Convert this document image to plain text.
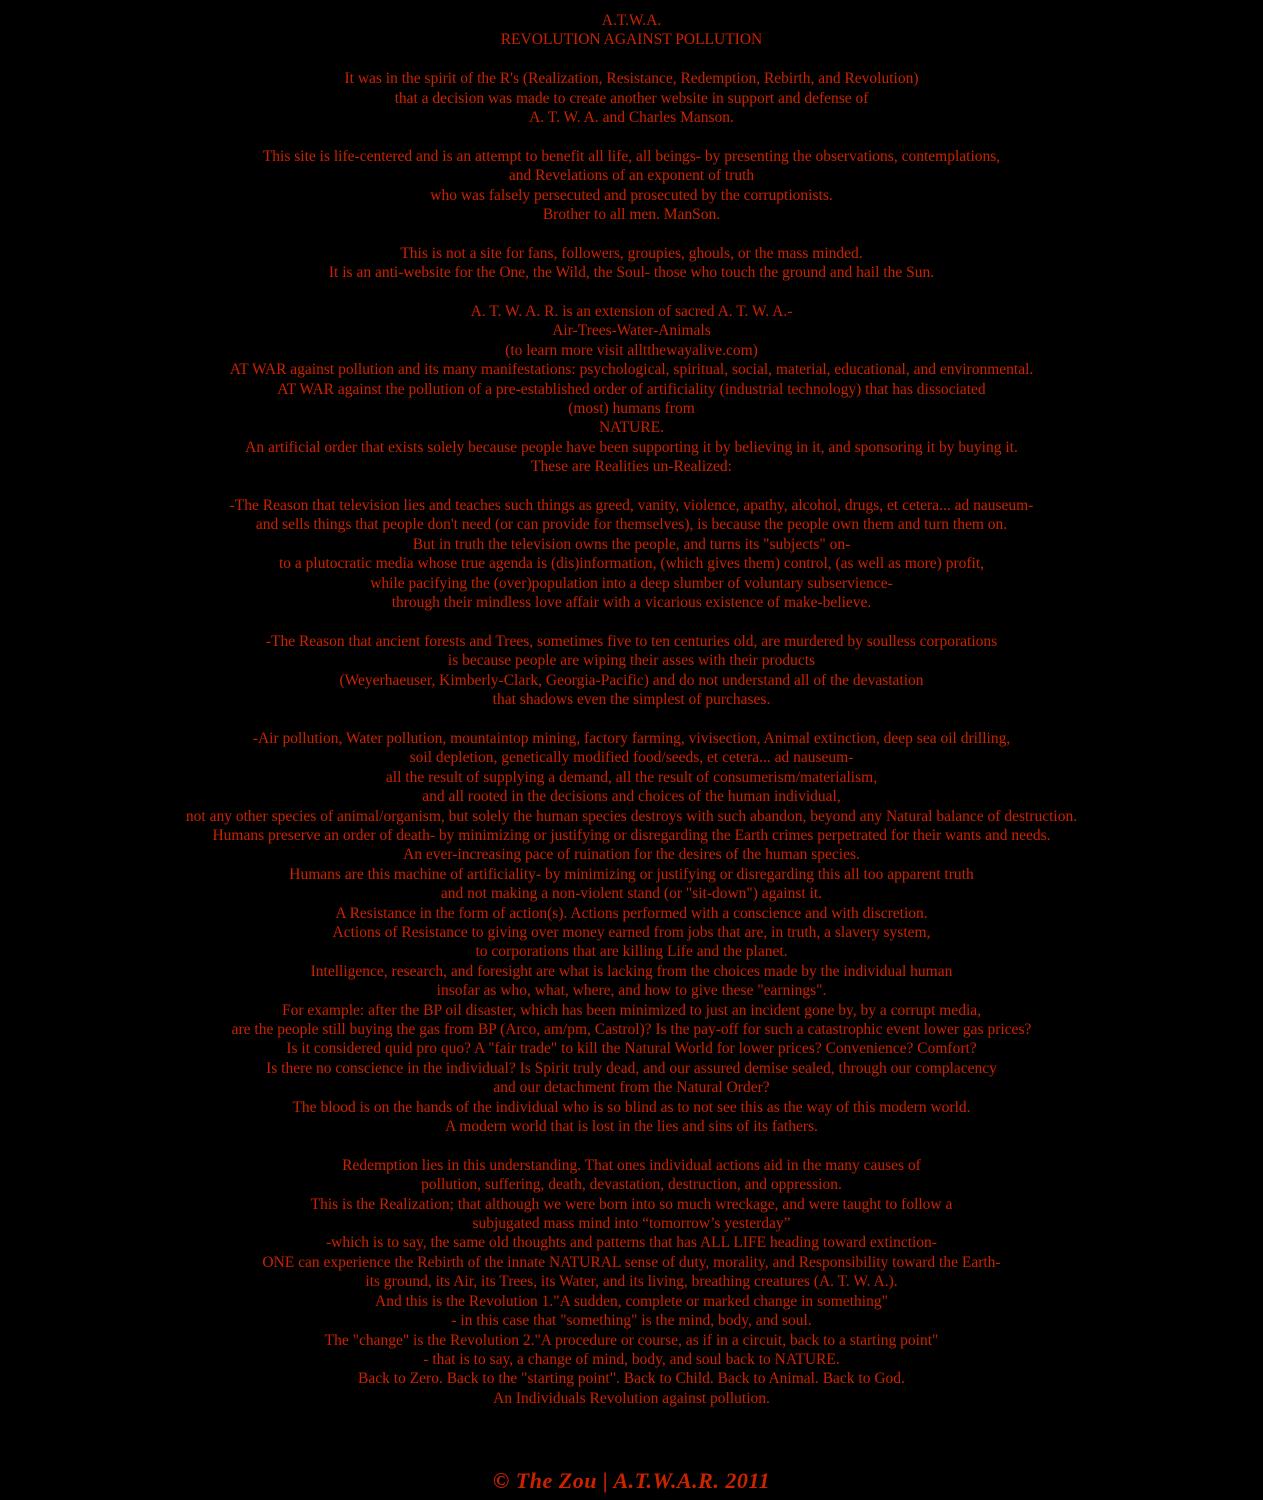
A.T.W.A.
REVOLUTION AGAINST POLLUTION
It was in the spirit of the R's (Realization, Resistance, Redemption, Rebirth, and Revolution)
that a decision was made to create another website in support and defense of
A. T. W. A. and Charles Manson.
This site is life-centered and is an attempt to benefit all life, all beings- by presenting the observations, contemplations,
and Revelations of an exponent of truth
who was falsely persecuted and prosecuted by the corruptionists.
Brother to all men. ManSon.
This is not a site for fans, followers, groupies, ghouls, or the mass minded.
It is an anti-website for the One, the Wild, the Soul- those who touch the ground and hail the Sun.
A. T. W. A. R. is an extension of sacred A. T. W. A.-
Air-Trees-Water-Animals
(to learn more visit alltthewayalive.com)
AT WAR against pollution and its many manifestations: psychological, spiritual, social, material, educational, and environmental.
AT WAR against the pollution of a pre-established order of artificiality (industrial technology) that has dissociated
(most) humans from
NATURE.
An artificial order that exists solely because people have been supporting it by believing in it, and sponsoring it by buying it.
These are Realities un-Realized:
-The Reason that television lies and teaches such things as greed, vanity, violence, apathy, alcohol, drugs, et cetera... ad nauseum-
and sells things that people don't need (or can provide for themselves), is because the people own them and turn them on.
But in truth the television owns the people, and turns its "subjects" on-
to a plutocratic media whose true agenda is (dis)information, (which gives them) control, (as well as more) profit,
while pacifying the (over)population into a deep slumber of voluntary subservience-
through their mindless love affair with a vicarious existence of make-believe.
-The Reason that ancient forests and Trees, sometimes five to ten centuries old, are murdered by soulless corporations
is because people are wiping their asses with their products
(Weyerhaeuser, Kimberly-Clark, Georgia-Pacific) and do not understand all of the devastation
that shadows even the simplest of purchases.
-Air pollution, Water pollution, mountaintop mining, factory farming, vivisection, Animal extinction, deep sea oil drilling,
soil depletion, genetically modified food/seeds, et cetera... ad nauseum-
all the result of supplying a demand, all the result of consumerism/materialism,
and all rooted in the decisions and choices of the human individual,
not any other species of animal/organism, but solely the human species destroys with such abandon, beyond any Natural balance of destruction.
Humans preserve an order of death- by minimizing or justifying or disregarding the Earth crimes perpetrated for their wants and needs.
An ever-increasing pace of ruination for the desires of the human species.
Humans are this machine of artificiality- by minimizing or justifying or disregarding this all too apparent truth
and not making a non-violent stand (or "sit-down") against it.
A Resistance in the form of action(s). Actions performed with a conscience and with discretion.
Actions of Resistance to giving over money earned from jobs that are, in truth, a slavery system,
to corporations that are killing Life and the planet.
Intelligence, research, and foresight are what is lacking from the choices made by the individual human
insofar as who, what, where, and how to give these "earnings".
For example: after the BP oil disaster, which has been minimized to just an incident gone by, by a corrupt media,
are the people still buying the gas from BP (Arco, am/pm, Castrol)? Is the pay-off for such a catastrophic event lower gas prices?
Is it considered quid pro quo? A "fair trade" to kill the Natural World for lower prices? Convenience? Comfort?
Is there no conscience in the individual? Is Spirit truly dead, and our assured demise sealed, through our complacency
and our detachment from the Natural Order?
The blood is on the hands of the individual who is so blind as to not see this as the way of this modern world.
A modern world that is lost in the lies and sins of its fathers.
Redemption lies in this understanding. That ones individual actions aid in the many causes of
pollution, suffering, death, devastation, destruction, and oppression.
This is the Realization; that although we were born into so much wreckage, and were taught to follow a
subjugated mass mind into “tomorrow’s yesterday”
-which is to say, the same old thoughts and patterns that has ALL LIFE heading toward extinction-
ONE can experience the Rebirth of the innate NATURAL sense of duty, morality, and Responsibility toward the Earth-
its ground, its Air, its Trees, its Water, and its living, breathing creatures (A. T. W. A.).
And this is the Revolution 1."A sudden, complete or marked change in something"
- in this case that "something" is the mind, body, and soul.
The "change" is the Revolution 2."A procedure or course, as if in a circuit, back to a starting point"
- that is to say, a change of mind, body, and soul back to NATURE.
Back to Zero. Back to the "starting point". Back to Child. Back to Animal. Back to God.
An Individuals Revolution against pollution.
© The Zou | A.T.W.A.R. 2011
